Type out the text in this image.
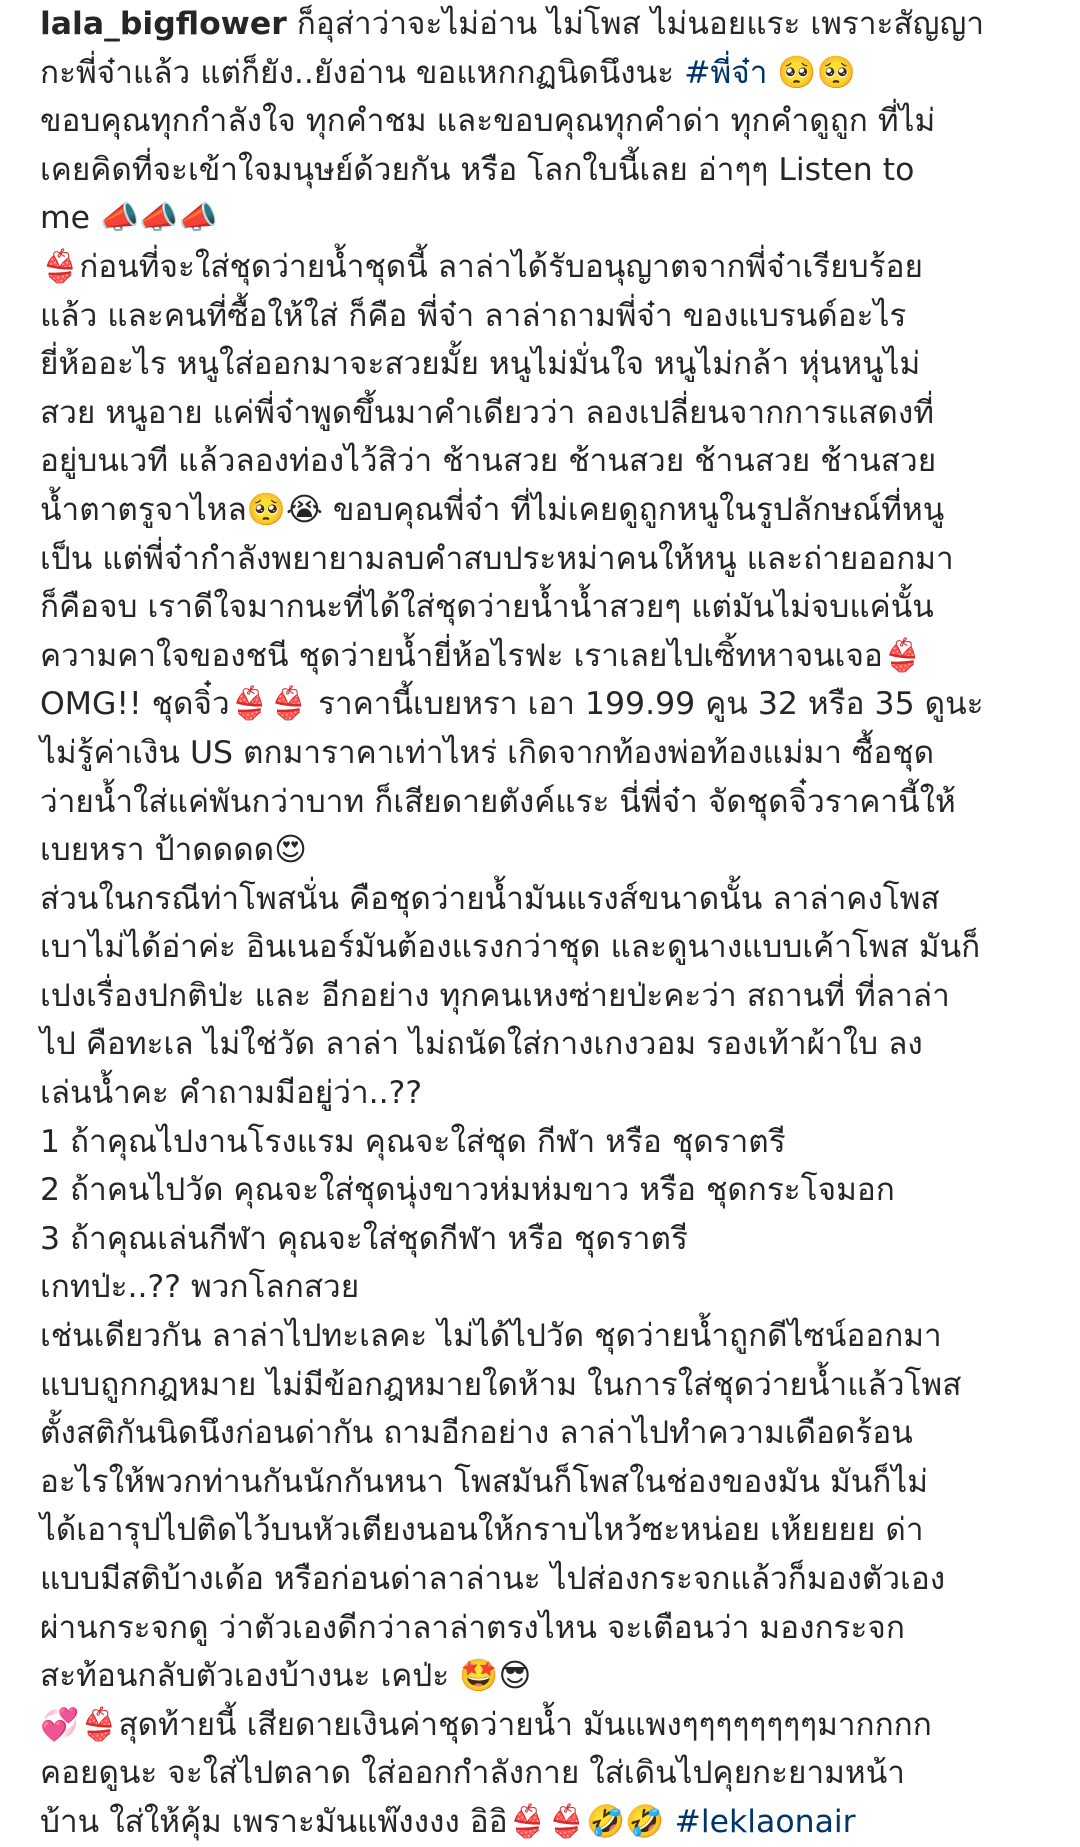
lala_bigflower ก็อุส่าว่าจะไม่อ่าน ไม่โพส ไม่นอยแระ เพราะสัญญา
กะพี่จ๋าแล้ว แต่ก็ยัง..ยังอ่าน ขอแหกกฏนิดนึงนะ #พี่จ๋า 🥺🥺
ขอบคุณทุกกำลังใจ ทุกคำชม และขอบคุณทุกคำด่า ทุกคำดูถูก ที่ไม่
เคยคิดที่จะเข้าใจมนุษย์ด้วยกัน หรือ โลกใบนี้เลย อ่าๆๆ Listen to
me 📣📣📣
👙ก่อนที่จะใส่ชุดว่ายน้ำชุดนี้ ลาล่าได้รับอนุญาตจากพี่จ๋าเรียบร้อย
แล้ว และคนที่ซื้อให้ใส่ ก็คือ พี่จ๋า ลาล่าถามพี่จ๋า ของแบรนด์อะไร
ยี่ห้ออะไร หนูใส่ออกมาจะสวยมั้ย หนูไม่มั่นใจ หนูไม่กล้า หุ่นหนูไม่
สวย หนูอาย แค่พี่จ๋าพูดขึ้นมาคำเดียวว่า ลองเปลี่ยนจากการแสดงที่
อยู่บนเวที แล้วลองท่องไว้สิว่า ช้านสวย ช้านสวย ช้านสวย ช้านสวย
น้ำตาตรูจาไหล🥺😭 ขอบคุณพี่จ๋า ที่ไม่เคยดูถูกหนูในรูปลักษณ์ที่หนู
เป็น แต่พี่จ๋ากำลังพยายามลบคำสบประหม่าคนให้หนู และถ่ายออกมา
ก็คือจบ เราดีใจมากนะที่ได้ใส่ชุดว่ายน้ำน้ำสวยๆ แต่มันไม่จบแค่นั้น
ความคาใจของชนี ชุดว่ายน้ำยี่ห้อไรฟะ เราเลยไปเซิ้ทหาจนเจอ👙
OMG!! ชุดจิ๋ว👙👙 ราคานี้เบยหรา เอา 199.99 คูน 32 หรือ 35 ดูนะ
ไม่รู้ค่าเงิน US ตกมาราคาเท่าไหร่ เกิดจากท้องพ่อท้องแม่มา ซื้อชุด
ว่ายน้ำใส่แค่พันกว่าบาท ก็เสียดายตังค์แระ นี่พี่จ๋า จัดชุดจิ๋วราคานี้ให้
เบยหรา ป้าดดดด😍
ส่วนในกรณีท่าโพสนั่น คือชุดว่ายน้ำมันแรงส์ขนาดนั้น ลาล่าคงโพส
เบาไม่ได้อ่าค่ะ อินเนอร์มันต้องแรงกว่าชุด และดูนางแบบเค้าโพส มันก็
เปงเรื่องปกติป่ะ และ อีกอย่าง ทุกคนเหงซ่ายป่ะคะว่า สถานที่ ที่ลาล่า
ไป คือทะเล ไม่ใช่วัด ลาล่า ไม่ถนัดใส่กางเกงวอม รองเท้าผ้าใบ ลง
เล่นน้ำคะ คำถามมีอยู่ว่า..??
1 ถ้าคุณไปงานโรงแรม คุณจะใส่ชุด กีฬา หรือ ชุดราตรี
2 ถ้าคนไปวัด คุณจะใส่ชุดนุ่งขาวห่มห่มขาว หรือ ชุดกระโจมอก
3 ถ้าคุณเล่นกีฬา คุณจะใส่ชุดกีฬา หรือ ชุดราตรี
เกทป่ะ..?? พวกโลกสวย
เช่นเดียวกัน ลาล่าไปทะเลคะ ไม่ได้ไปวัด ชุดว่ายน้ำถูกดีไซน์ออกมา
แบบถูกกฎหมาย ไม่มีข้อกฎหมายใดห้าม ในการใส่ชุดว่ายน้ำแล้วโพส
ตั้งสติกันนิดนึงก่อนด่ากัน ถามอีกอย่าง ลาล่าไปทำความเดือดร้อน
อะไรให้พวกท่านกันนักกันหนา โพสมันก็โพสในช่องของมัน มันก็ไม่
ได้เอารุปไปติดไว้บนหัวเตียงนอนให้กราบไหว้ซะหน่อย เห้ยยยย ด่า
แบบมีสติบ้างเด้อ หรือก่อนด่าลาล่านะ ไปส่องกระจกแล้วก็มองตัวเอง
ผ่านกระจกดู ว่าตัวเองดีกว่าลาล่าตรงไหน จะเตือนว่า มองกระจก
สะท้อนกลับตัวเองบ้างนะ เคป่ะ 🤩😎
💞👙สุดท้ายนี้ เสียดายเงินค่าชุดว่ายน้ำ มันแพงๆๆๆๆๆๆๆๆมากกกก
คอยดูนะ จะใส่ไปตลาด ใส่ออกกำลังกาย ใส่เดินไปคุยกะยามหน้า
บ้าน ใส่ให้คุ้ม เพราะมันแพ๊งงงง อิอิ👙👙🤣🤣 #leklaonair
